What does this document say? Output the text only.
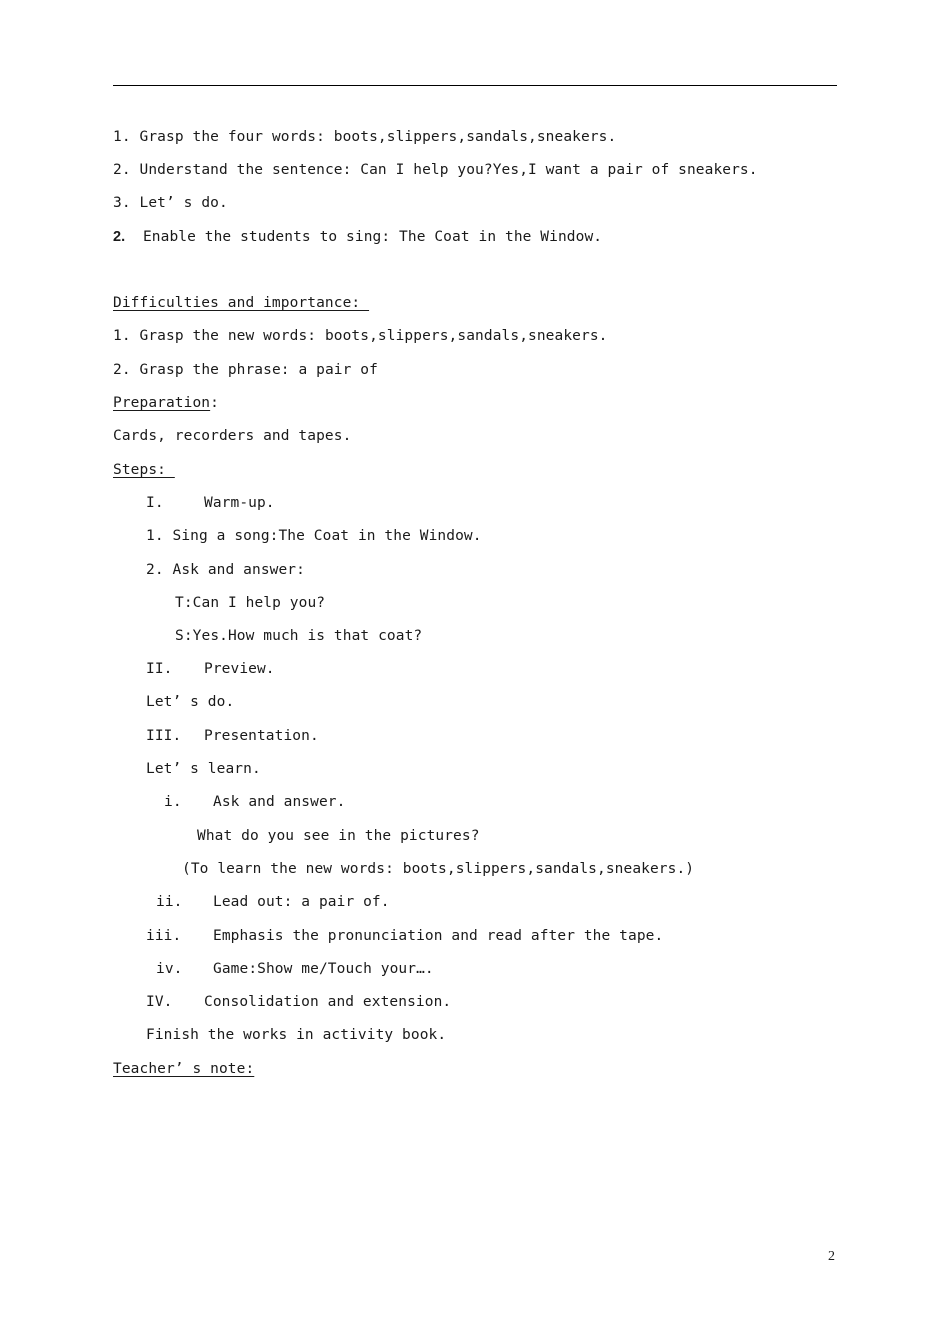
1. Grasp the four words: boots,slippers,sandals,sneakers.
2. Understand the sentence: Can I help you?Yes,I want a pair of sneakers.
3. Let’ s do.
2. Enable the students to sing: The Coat in the Window.
Difficulties and importance:
1. Grasp the new words: boots,slippers,sandals,sneakers.
2. Grasp the phrase: a pair of
Preparation:
Cards, recorders and tapes.
Steps:
I.	Warm-up.
1. Sing a song:The Coat in the Window.
2. Ask and answer:
T:Can I help you?
S:Yes.How much is that coat?
II. Preview.
Let’ s do.
III. Presentation.
Let’ s learn.
i. Ask and answer.
What do you see in the pictures?
(To learn the new words: boots,slippers,sandals,sneakers.)
ii. Lead out: a pair of.
iii. Emphasis the pronunciation and read after the tape.
iv. Game:Show me/Touch your….
IV. Consolidation and extension.
Finish the works in activity book.
Teacher’ s note:
2
